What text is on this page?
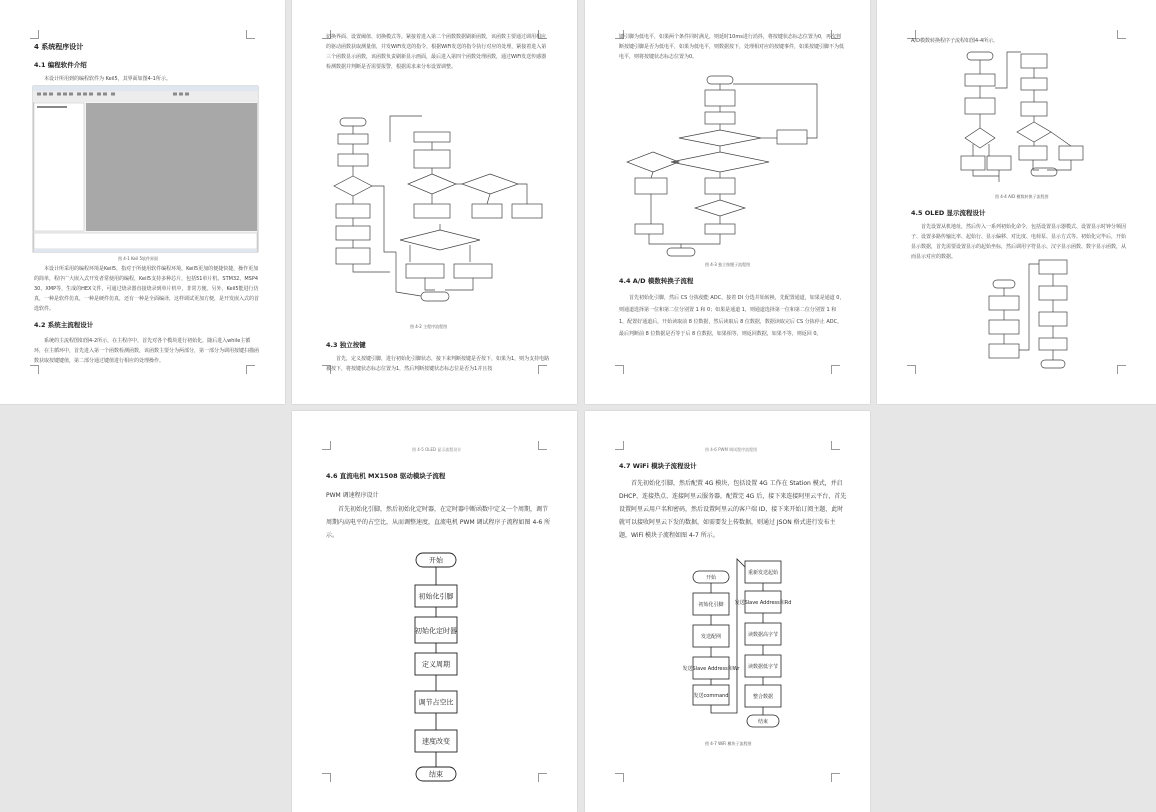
4 系统程序设计
4.1 编程软件介绍
本设计所用到的编程软件为 Keil5，其界面如图4-1所示。
图 4-1 Keil 5软件界面
本设计所采用的编程环境是Keil5，指对于所使用软件编程环境，Keil5更加的便捷快捷，操作更加的简单，程序广大嵌入式开发者常使用的编程，Keil5支持多种芯片，包括51单片机、STM32、MSP430、XMP等，生成的HEX文件，可通过烧录器直接烧录到单片机中，非常方便。另外，Keil5能进行仿真，一种是软件仿真，一种是硬件仿真，还有一种是全面编译，这样调试更加方便，是开发嵌入式的首选软件。
4.2 系统主流程设计
系统的主流程图如图4-2所示，在主程序中，首先对各个模块进行初始化，随后进入while主循环，在主循环中，首先进入第一个函数检测函数，该函数主要分为两部分，第一部分为调用按键扫描函数获取按键键值，第二部分通过键值进行相应的处理操作。
切换界面、设置阈值、切换模式等。紧接着进入第二个函数数据刷新函数，该函数主要通过调用相应的驱动函数获取测量值，并发WiFi发送的指令，根据WiFi发送的指令执行对应的处理，紧接着进入第三个函数显示函数，该函数负责刷新显示画面，最后进入第四个函数处理函数，通过WiFi发送传感器检测数据并判断是否需要报警，根据需求来分布设置调整。
图 4-2 主程序流程图
4.3 独立按键
首先，定义按键引脚，进行初始化引脚状态，接下来判断按键是否按下，如果为1，则为支持电路被按下，将按键状态标志位置为1，然后判断按键状态标志位是否为1并且按
键引脚为低电平，如果两个条件同时满足，则延时10ms进行消抖，将按键状态标志位置为0，再次判断按键引脚是否为低电平，如果为低电平，则数据按下，处理相对应的按键事件，如果按键引脚不为低电平，则将按键状态标志位置为0。
图 4-3 独立按键子流程图
4.4 A/D 模数转换子流程
首先初始化引脚，然后 CS 分拣使能 ADC，接着 DI 分选并始转换，先配置通道，如果是通道 0，则通道选择第一位和第二位分别置 1 和 0；如果是通道 1，则通道选择第一位和第二位分别置 1 和 1，配置好通道后，开始读取前 8 位数据，然后读取后 8 位数据，数据读取完后 CS 分拣停止 ADC，最后判断前 8 位数据是否等于后 8 位数据，如果相等，则返回数据，如果不等，则返回 0。
A/D模数转换程序子流程如图4-4所示。
图 4-4 A/D 模数转换子流程图
4.5 OLED 显示流程设计
首先设置从机地址，然后传入一系列初始化命令，包括设置显示器模式、设置显示时钟分频因子、设置多路传输比率、起始行、显示偏移、对比度、电荷泵、显示方式等。初始化完毕后，开始显示数据，首先需要设置显示的起始坐标，然后调用字符显示、汉字显示函数、数字显示函数，从而显示对应的数据。
图 4-5 OLED 显示流程设计
4.6 直流电机 MX1508 驱动模块子流程
PWM 调速程序设计
首先初始化引脚，然后初始化定时器，在定时器中断函数中定义一个周期，调节周期内高电平的占空比，从而调整速度，直流电机 PWM 调试程序子流程如图 4-6 所示。
开始
初始化引脚
初始化定时器
定义周期
调节占空比
速度改变
结束
图 4-6 PWM 调试程序流程图
4.7 WiFi 模块子流程设计
首先初始化引脚，然后配置 4G 模块，包括设置 4G 工作在 Station 模式，并启 DHCP、连接热点、连接阿里云服务器，配置完 4G 后，接下来连接阿里云平台，首先设置阿里云用户名和密码，然后设置阿里云的客户端 ID，接下来开始订阅主题，此时就可以接收阿里云下发的数据，如需要发上传数据，则通过 JSON 格式进行发布主题，WiFi 模块子流程如图 4-7 所示。
开始
初始化引脚
发送配网
发送Slave Address和Wr
发送command
重新发送起始
发送Slave Address和Rd
读数据高字节
读数据低字节
整合数据
结束
图 4-7 WiFi 模块子流程图
